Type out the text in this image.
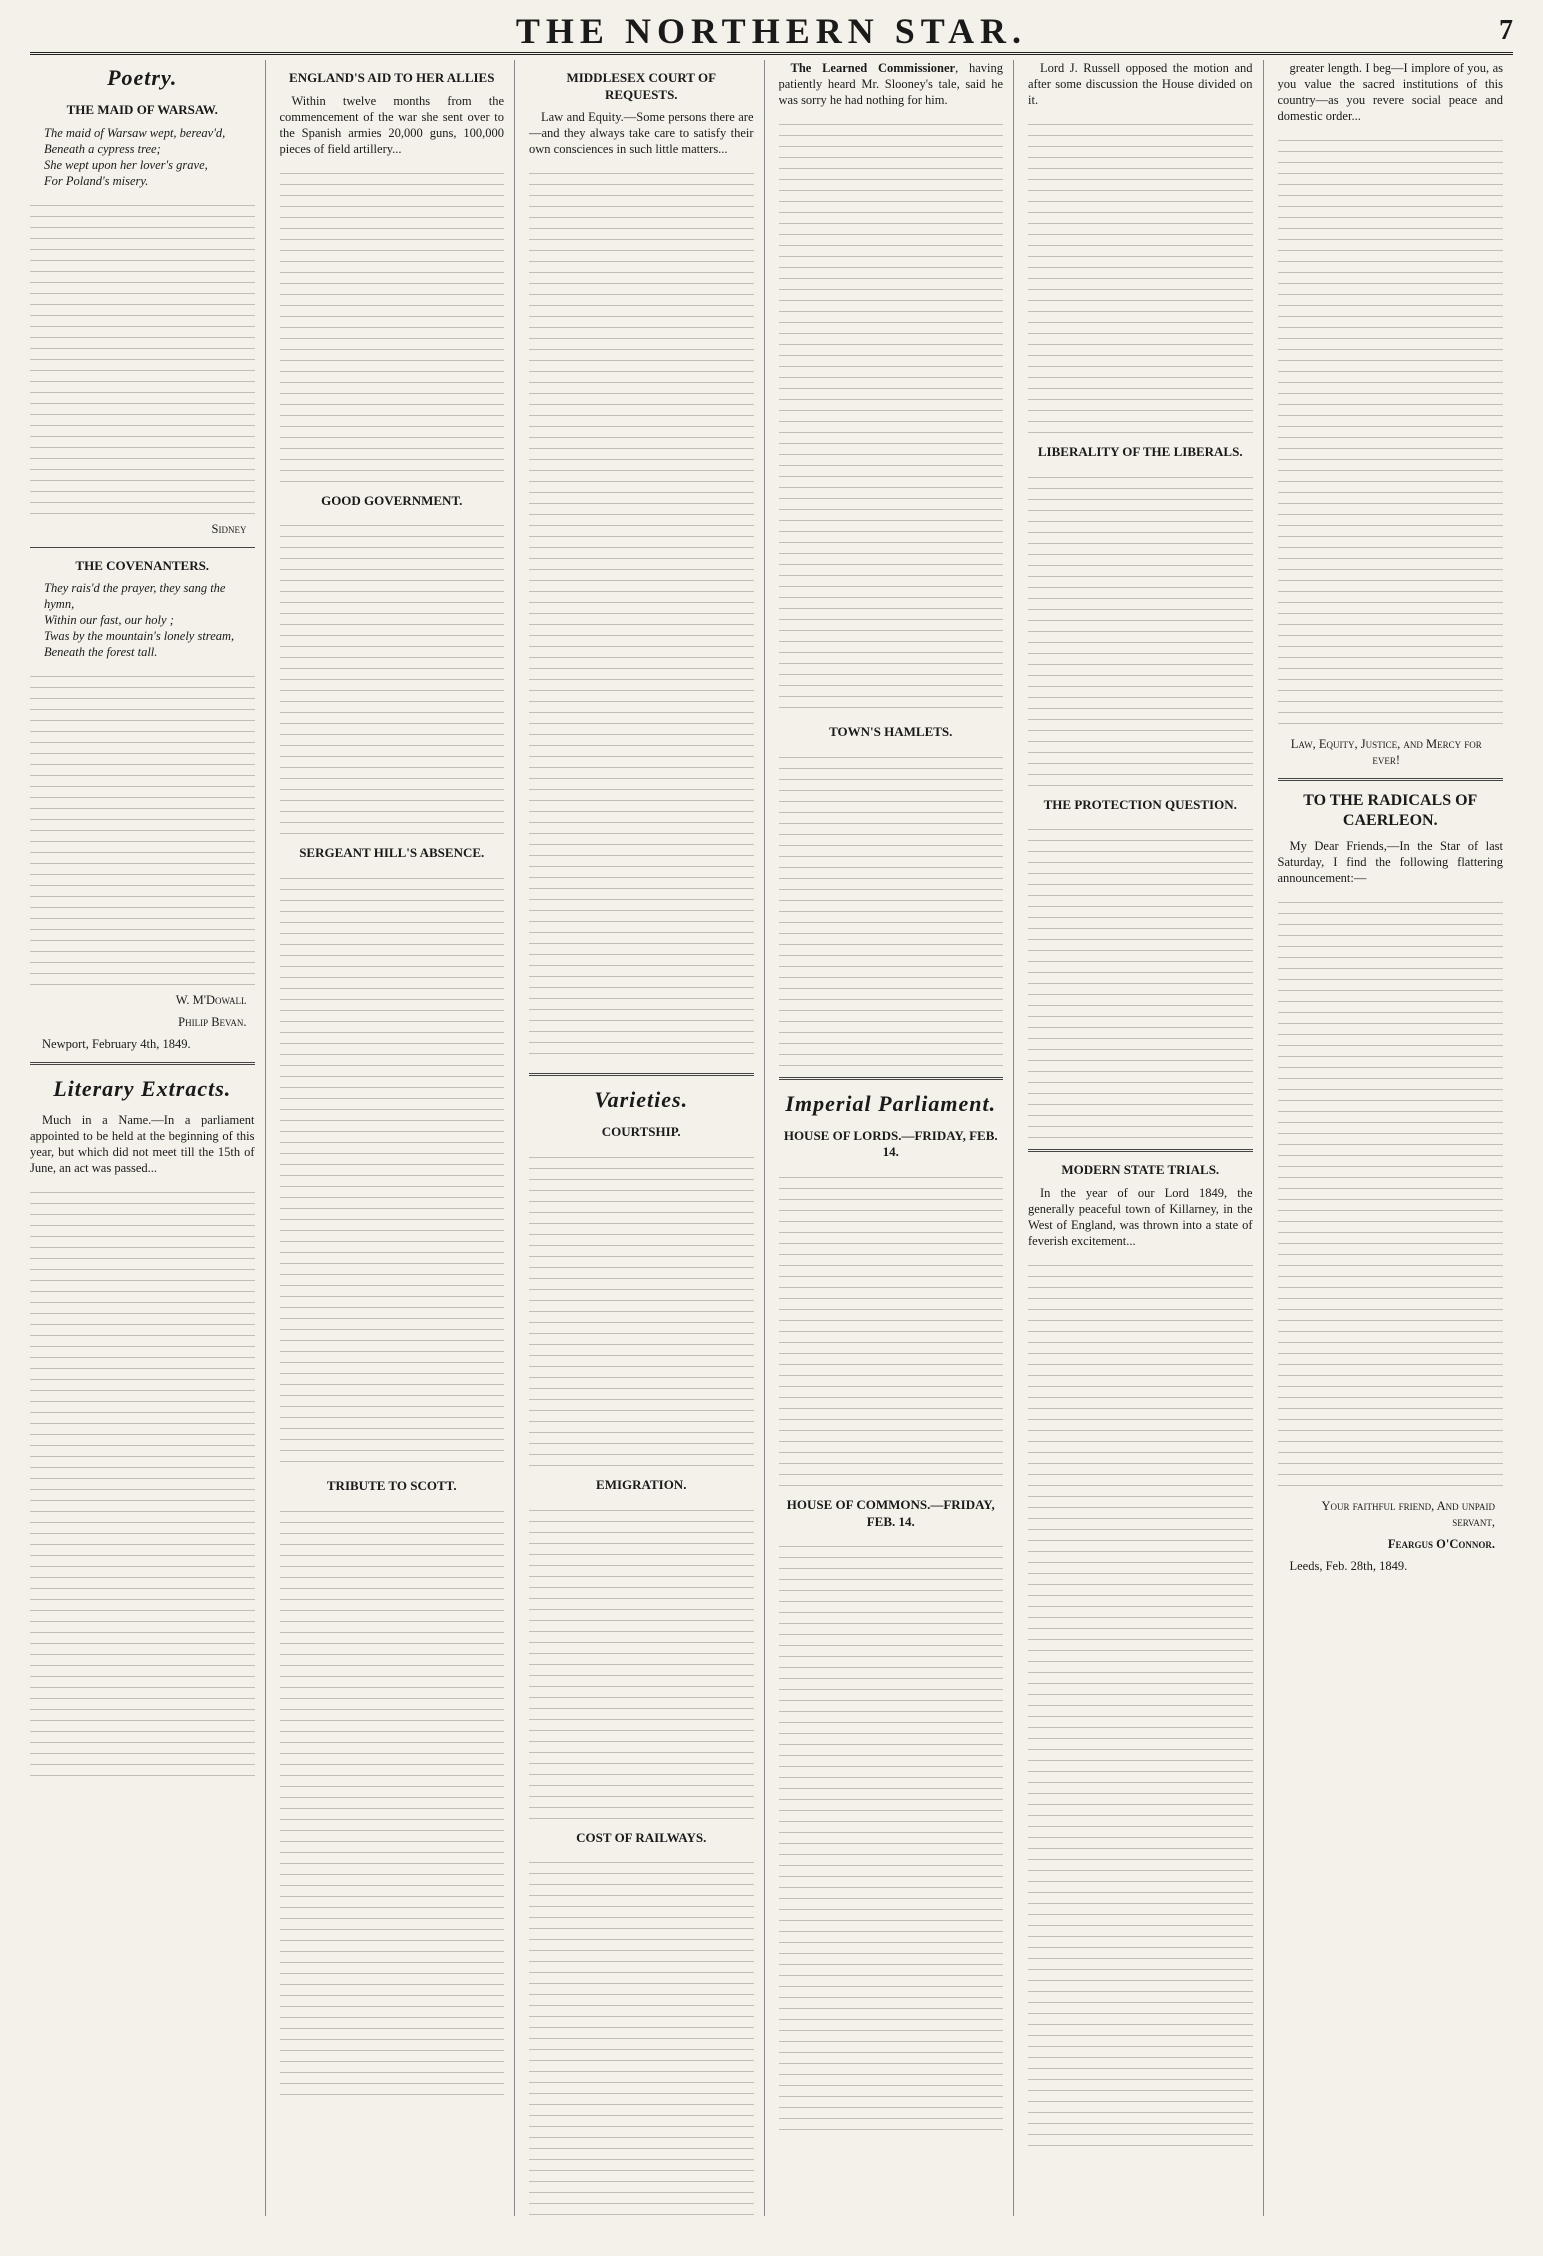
THE NORTHERN STAR.	7
Poetry.
THE MAID OF WARSAW.
The maid of Warsaw wept, bereav'd,
Beneath a cypress tree;
She wept upon her lover's grave,
For Poland's misery.
Sidney
THE COVENANTERS.
They rais'd the prayer, they sang the hymn,
Within our fast, our holy ;
Twas by the mountain's lonely stream,
Beneath the forest tall.
W. M'Dowall
Philip Bevan.
Newport, February 4th, 1849.
Literary Extracts.

Much in a Name.—In a parliament appointed to be held at the beginning of this year, but which did not meet till the 15th of June, an act was passed...

ENGLAND'S AID TO HER ALLIES

Within twelve months from the commencement of the war she sent over to the Spanish armies 20,000 guns, 100,000 pieces of field artillery...

GOOD GOVERNMENT.
SERGEANT HILL'S ABSENCE.
TRIBUTE TO SCOTT.
MIDDLESEX COURT OF REQUESTS.

Law and Equity.—Some persons there are—and they always take care to satisfy their own consciences in such little matters...

Varieties.
COURTSHIP.
EMIGRATION.
COST OF RAILWAYS.

The Learned Commissioner, having patiently heard Mr. Slooney's tale, said he was sorry he had nothing for him.

TOWN'S HAMLETS.
Imperial Parliament.
HOUSE OF LORDS.—FRIDAY, FEB. 14.
HOUSE OF COMMONS.—FRIDAY, FEB. 14.

Lord J. Russell opposed the motion and after some discussion the House divided on it.

LIBERALITY OF THE LIBERALS.
THE PROTECTION QUESTION.
MODERN STATE TRIALS.

In the year of our Lord 1849, the generally peaceful town of Killarney, in the West of England, was thrown into a state of feverish excitement...

greater length. I beg—I implore of you, as you value the sacred institutions of this country—as you revere social peace and domestic order...

Law, Equity, Justice, and Mercy for ever!
TO THE RADICALS OF CAERLEON.

My Dear Friends,—In the Star of last Saturday, I find the following flattering announcement:—

Your faithful friend, And unpaid servant,
Feargus O'Connor.
Leeds, Feb. 28th, 1849.
